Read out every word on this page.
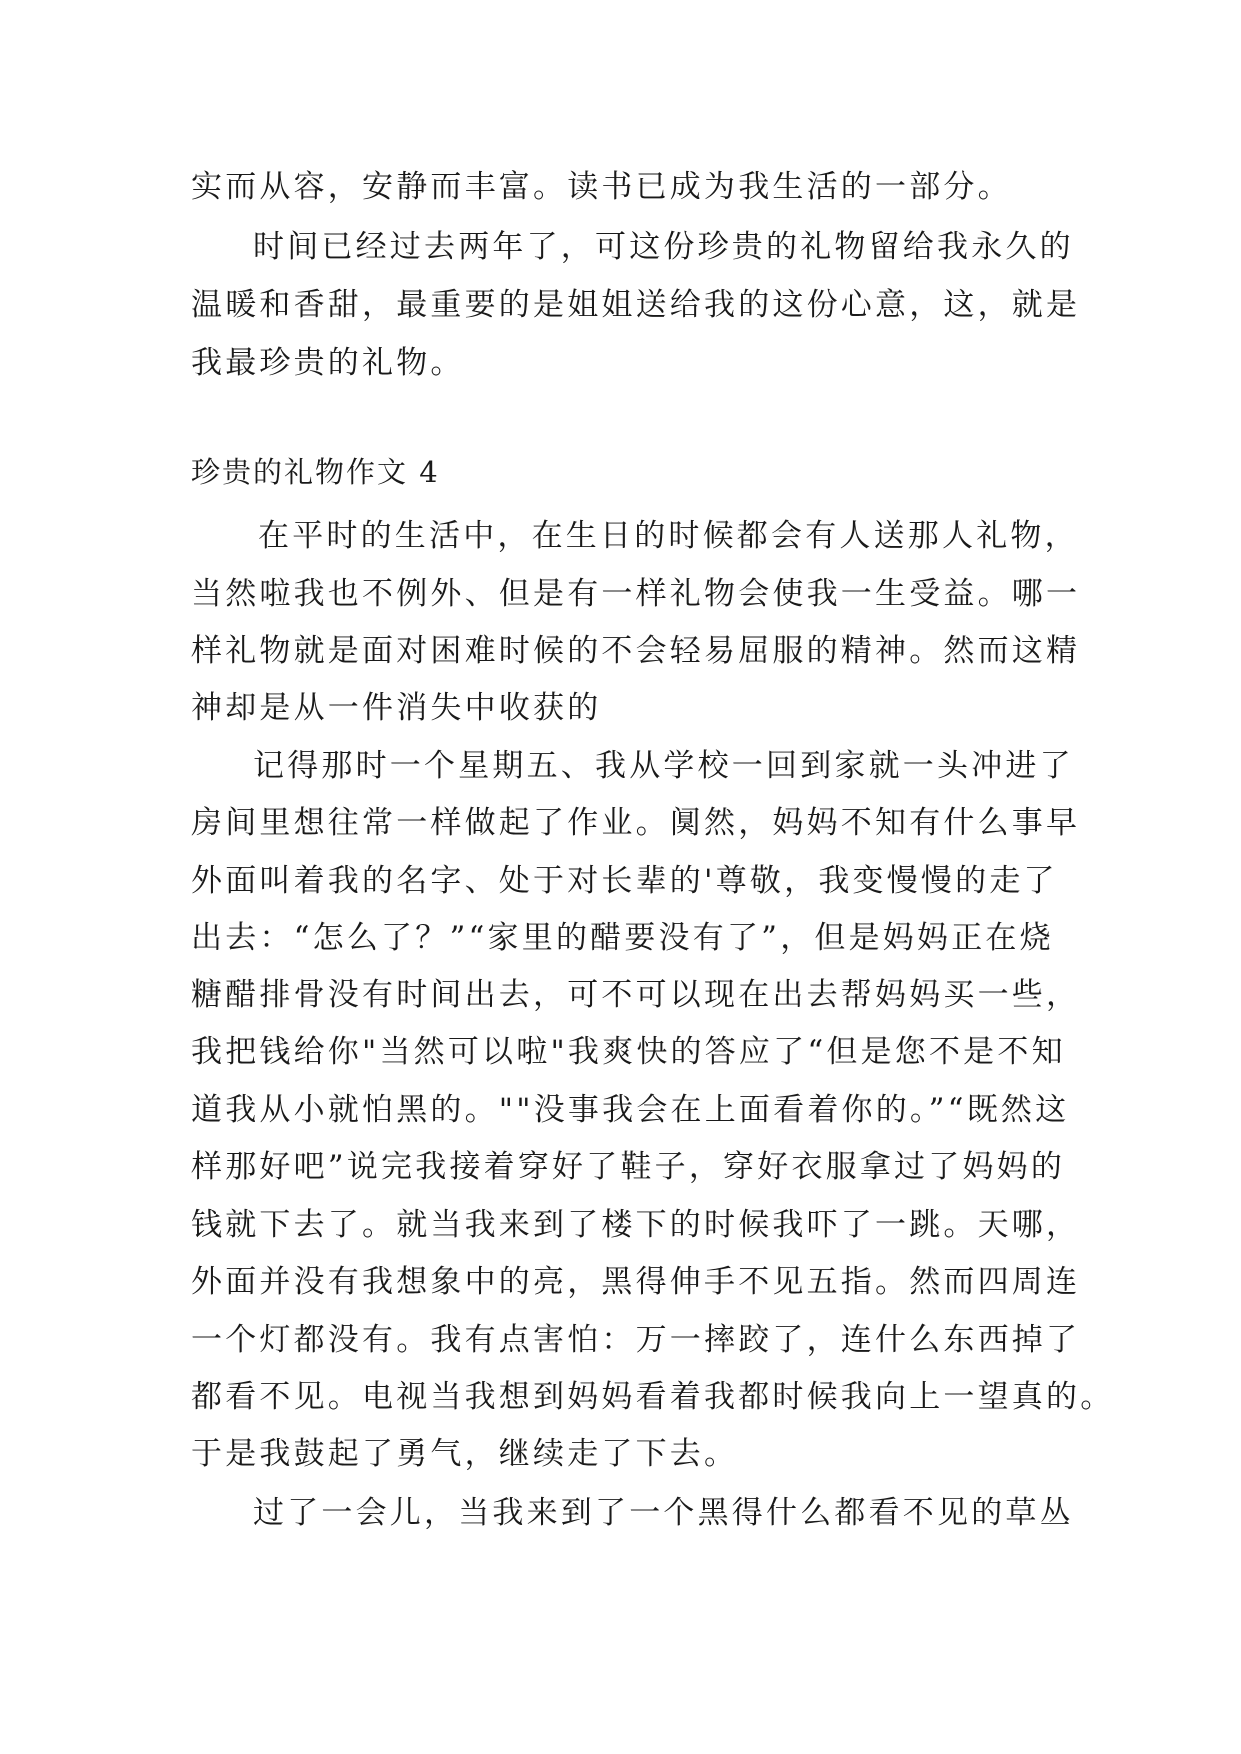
实而从容，安静而丰富。读书已成为我生活的一部分。
时间已经过去两年了，可这份珍贵的礼物留给我永久的
温暖和香甜，最重要的是姐姐送给我的这份心意，这，就是
我最珍贵的礼物。
珍贵的礼物作文 4
在平时的生活中，在生日的时候都会有人送那人礼物，
当然啦我也不例外、但是有一样礼物会使我一生受益。哪一
样礼物就是面对困难时候的不会轻易屈服的精神。然而这精
神却是从一件消失中收获的
记得那时一个星期五、我从学校一回到家就一头冲进了
房间里想往常一样做起了作业。阒然，妈妈不知有什么事早
外面叫着我的名字、处于对长辈的'尊敬，我变慢慢的走了
出去：“怎么了？”“家里的醋要没有了”，但是妈妈正在烧
糖醋排骨没有时间出去，可不可以现在出去帮妈妈买一些，
我把钱给你"当然可以啦"我爽快的答应了“但是您不是不知
道我从小就怕黑的。""没事我会在上面看着你的。”“既然这
样那好吧”说完我接着穿好了鞋子，穿好衣服拿过了妈妈的
钱就下去了。就当我来到了楼下的时候我吓了一跳。天哪，
外面并没有我想象中的亮，黑得伸手不见五指。然而四周连
一个灯都没有。我有点害怕：万一摔跤了，连什么东西掉了
都看不见。电视当我想到妈妈看着我都时候我向上一望真的。
于是我鼓起了勇气，继续走了下去。
过了一会儿，当我来到了一个黑得什么都看不见的草丛
